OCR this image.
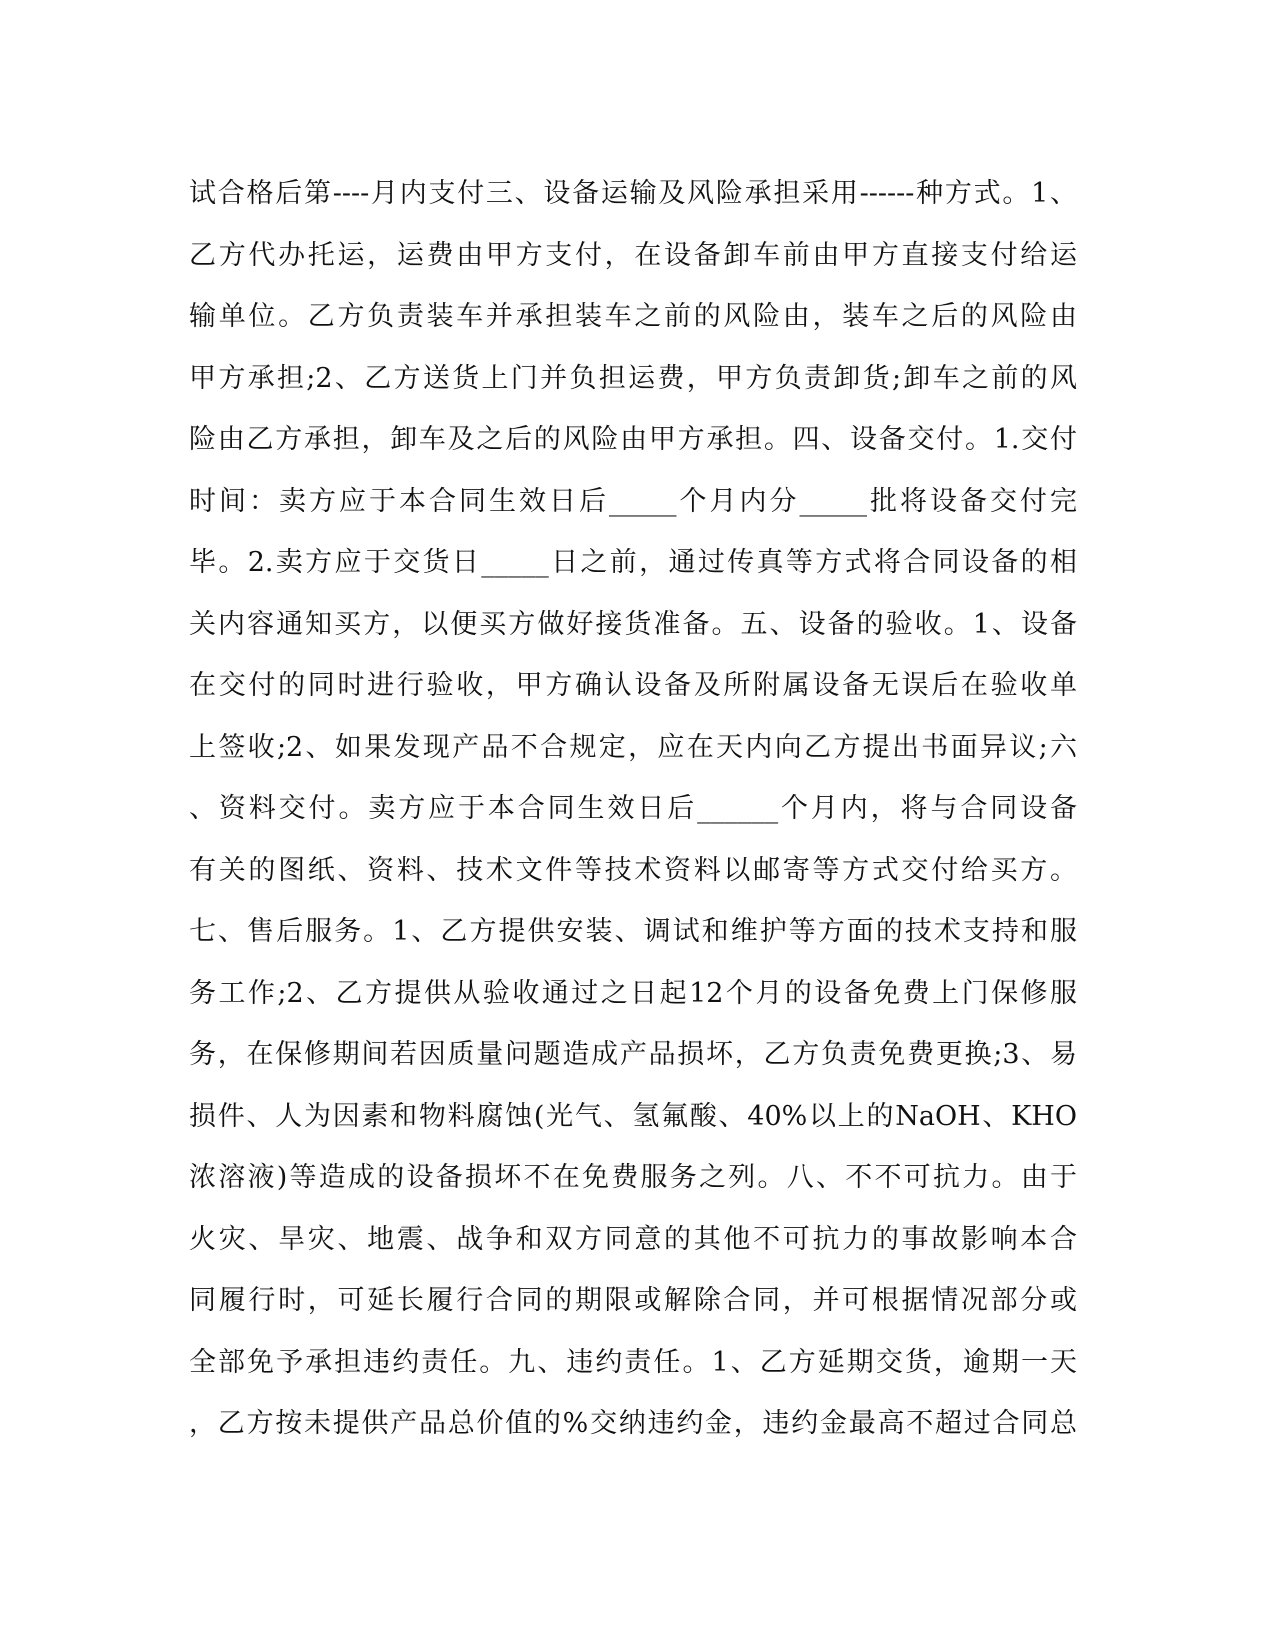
试合格后第----月内支付三、设备运输及风险承担采用------种方式。1、
乙方代办托运，运费由甲方支付，在设备卸车前由甲方直接支付给运
输单位。乙方负责装车并承担装车之前的风险由，装车之后的风险由
甲方承担;2、乙方送货上门并负担运费，甲方负责卸货;卸车之前的风
险由乙方承担，卸车及之后的风险由甲方承担。四、设备交付。1.交付
时间：卖方应于本合同生效日后_____个月内分_____批将设备交付完
毕。2.卖方应于交货日_____日之前，通过传真等方式将合同设备的相
关内容通知买方，以便买方做好接货准备。五、设备的验收。1、设备
在交付的同时进行验收，甲方确认设备及所附属设备无误后在验收单
上签收;2、如果发现产品不合规定，应在天内向乙方提出书面异议;六
、资料交付。卖方应于本合同生效日后______个月内，将与合同设备
有关的图纸、资料、技术文件等技术资料以邮寄等方式交付给买方。
七、售后服务。1、乙方提供安装、调试和维护等方面的技术支持和服
务工作;2、乙方提供从验收通过之日起12个月的设备免费上门保修服
务，在保修期间若因质量问题造成产品损坏，乙方负责免费更换;3、易
损件、人为因素和物料腐蚀(光气、氢氟酸、40%以上的NaOH、KHO
浓溶液)等造成的设备损坏不在免费服务之列。八、不不可抗力。由于
火灾、旱灾、地震、战争和双方同意的其他不可抗力的事故影响本合
同履行时，可延长履行合同的期限或解除合同，并可根据情况部分或
全部免予承担违约责任。九、违约责任。1、乙方延期交货，逾期一天
，乙方按未提供产品总价值的%交纳违约金，违约金最高不超过合同总
